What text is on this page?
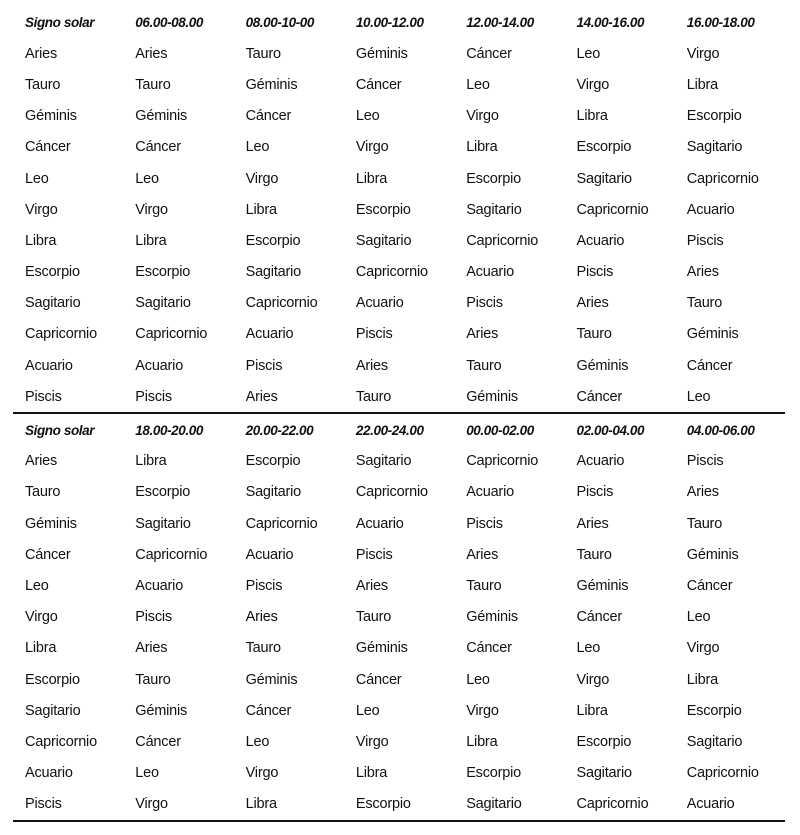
Signo solar	06.00-08.00	08.00-10-00	10.00-12.00	12.00-14.00	14.00-16.00	16.00-18.00
Aries	Aries	Tauro	Géminis	Cáncer	Leo	Virgo
Tauro	Tauro	Géminis	Cáncer	Leo	Virgo	Libra
Géminis	Géminis	Cáncer	Leo	Virgo	Libra	Escorpio
Cáncer	Cáncer	Leo	Virgo	Libra	Escorpio	Sagitario
Leo	Leo	Virgo	Libra	Escorpio	Sagitario	Capricornio
Virgo	Virgo	Libra	Escorpio	Sagitario	Capricornio	Acuario
Libra	Libra	Escorpio	Sagitario	Capricornio	Acuario	Piscis
Escorpio	Escorpio	Sagitario	Capricornio	Acuario	Piscis	Aries
Sagitario	Sagitario	Capricornio	Acuario	Piscis	Aries	Tauro
Capricornio	Capricornio	Acuario	Piscis	Aries	Tauro	Géminis
Acuario	Acuario	Piscis	Aries	Tauro	Géminis	Cáncer
Piscis	Piscis	Aries	Tauro	Géminis	Cáncer	Leo
Signo solar	18.00-20.00	20.00-22.00	22.00-24.00	00.00-02.00	02.00-04.00	04.00-06.00
Aries	Libra	Escorpio	Sagitario	Capricornio	Acuario	Piscis
Tauro	Escorpio	Sagitario	Capricornio	Acuario	Piscis	Aries
Géminis	Sagitario	Capricornio	Acuario	Piscis	Aries	Tauro
Cáncer	Capricornio	Acuario	Piscis	Aries	Tauro	Géminis
Leo	Acuario	Piscis	Aries	Tauro	Géminis	Cáncer
Virgo	Piscis	Aries	Tauro	Géminis	Cáncer	Leo
Libra	Aries	Tauro	Géminis	Cáncer	Leo	Virgo
Escorpio	Tauro	Géminis	Cáncer	Leo	Virgo	Libra
Sagitario	Géminis	Cáncer	Leo	Virgo	Libra	Escorpio
Capricornio	Cáncer	Leo	Virgo	Libra	Escorpio	Sagitario
Acuario	Leo	Virgo	Libra	Escorpio	Sagitario	Capricornio
Piscis	Virgo	Libra	Escorpio	Sagitario	Capricornio	Acuario
